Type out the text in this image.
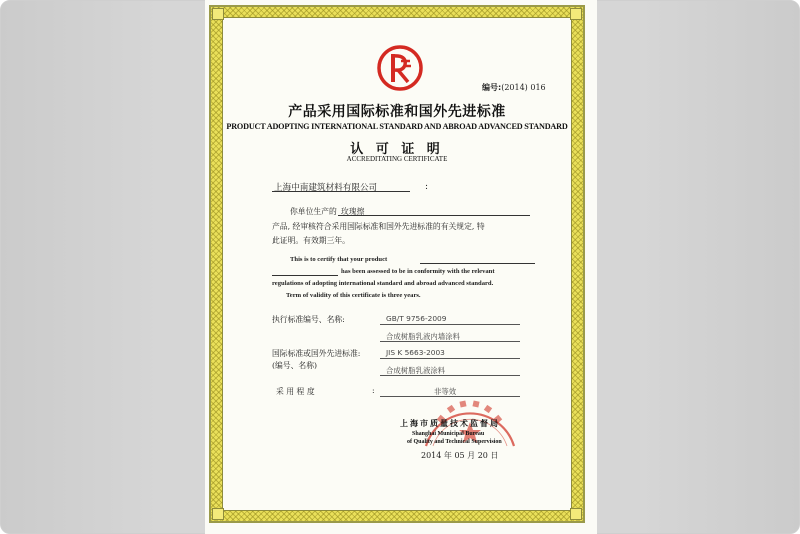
编号:(2014) 016
产品采用国际标准和国外先进标准
PRODUCT ADOPTING INTERNATIONAL STANDARD AND ABROAD ADVANCED STANDARD
认 可 证 明
ACCREDITATING CERTIFICATE
上海中南建筑材料有限公司	:
你单位生产的 玫瑰擦
产品, 经审核符合采用国际标准和国外先进标准的有关规定, 特
此证明。有效期三年。
This is to certify that your product
has been assessed to be in conformity with the relevant
regulations of adopting international standard and abroad advanced standard.
Term of validity of this certificate is three years.
执行标准编号、名称:	GB/T 9756-2009
合成树脂乳液内墙涂料
国际标准或国外先进标准:
(编号、名称)
JIS K 5663-2003
合成树脂乳液涂料
采 用 程 度	:	非等效
上海市质量技术监督局
Shanghai Municipal Bureau
of Quality and Technical Supervision
2014 年 05 月 20 日
